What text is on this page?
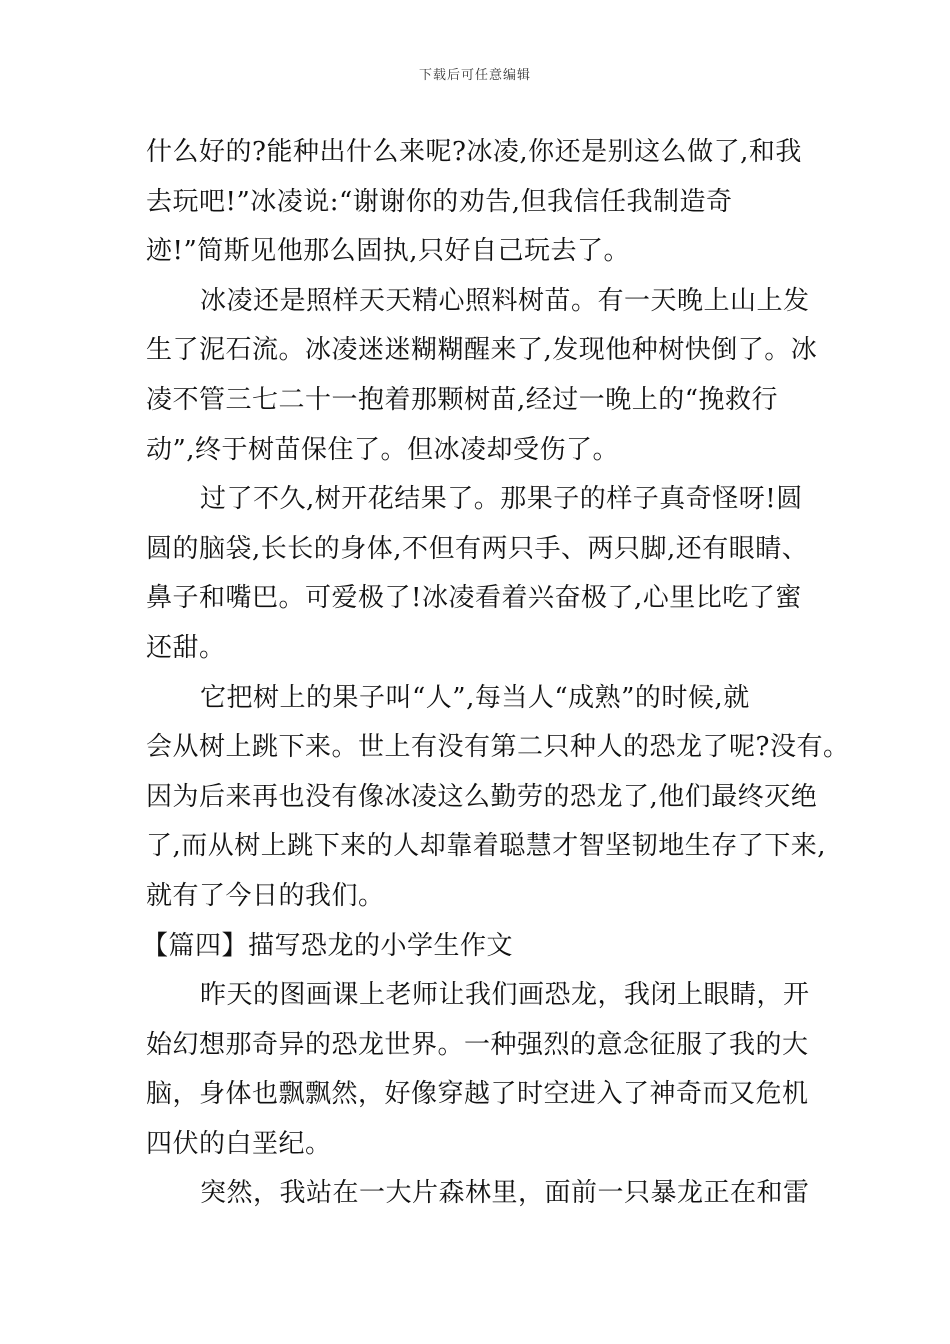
下载后可任意编辑
什么好的?能种出什么来呢?冰凌,你还是别这么做了,和我
去玩吧!”冰凌说:“谢谢你的劝告,但我信任我制造奇
迹!”简斯见他那么固执,只好自己玩去了。
冰凌还是照样天天精心照料树苗。有一天晚上山上发
生了泥石流。冰凌迷迷糊糊醒来了,发现他种树快倒了。冰
凌不管三七二十一抱着那颗树苗,经过一晚上的“挽救行
动”,终于树苗保住了。但冰凌却受伤了。
过了不久,树开花结果了。那果子的样子真奇怪呀!圆
圆的脑袋,长长的身体,不但有两只手、两只脚,还有眼睛、
鼻子和嘴巴。可爱极了!冰凌看着兴奋极了,心里比吃了蜜
还甜。
它把树上的果子叫“人”,每当人“成熟”的时候,就
会从树上跳下来。世上有没有第二只种人的恐龙了呢?没有。
因为后来再也没有像冰凌这么勤劳的恐龙了,他们最终灭绝
了,而从树上跳下来的人却靠着聪慧才智坚韧地生存了下来,
就有了今日的我们。
【篇四】描写恐龙的小学生作文
昨天的图画课上老师让我们画恐龙，我闭上眼睛，开
始幻想那奇异的恐龙世界。一种强烈的意念征服了我的大
脑，身体也飘飘然，好像穿越了时空进入了神奇而又危机
四伏的白垩纪。
突然，我站在一大片森林里，面前一只暴龙正在和雷
